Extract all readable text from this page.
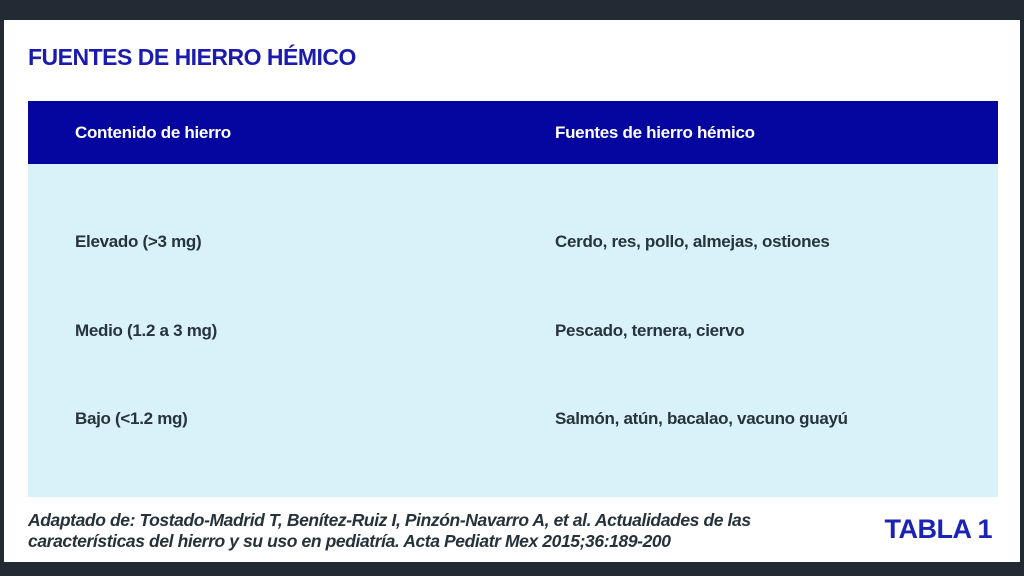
FUENTES DE HIERRO HÉMICO
Contenido de hierro	Fuentes de hierro hémico
Elevado (>3 mg)	Cerdo, res, pollo, almejas, ostiones
Medio (1.2 a 3 mg)	Pescado, ternera, ciervo
Bajo (<1.2 mg)	Salmón, atún, bacalao, vacuno guayú

Adaptado de: Tostado-Madrid T, Benítez-Ruiz I, Pinzón-Navarro A, et al. Actualidades de las características del hierro y su uso en pediatría. Acta Pediatr Mex 2015;36:189-200	TABLA 1
